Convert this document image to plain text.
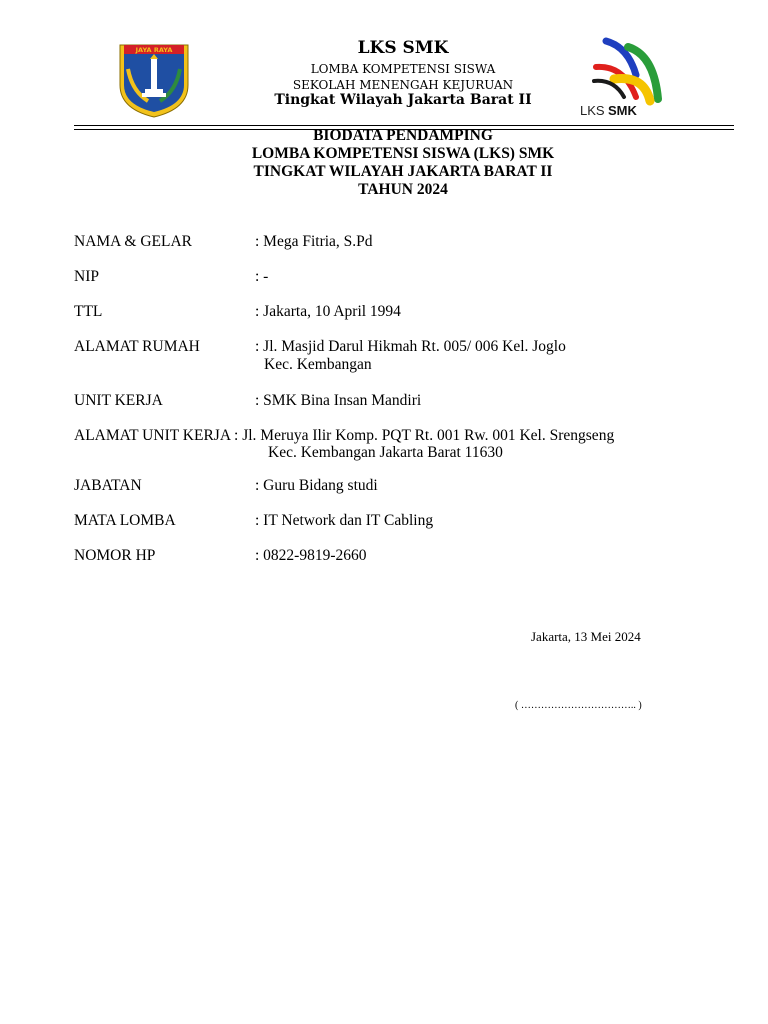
JAYA RAYA	LKS SMK
LOMBA KOMPETENSI SISWA
SEKOLAH MENENGAH KEJURUAN
Tingkat Wilayah Jakarta Barat II
LKS SMK
BIODATA PENDAMPING
LOMBA KOMPETENSI SISWA (LKS) SMK
TINGKAT WILAYAH JAKARTA BARAT II
TAHUN 2024
NAMA & GELAR	: Mega Fitria, S.Pd
NIP	: -
TTL	: Jakarta, 10 April 1994
ALAMAT RUMAH	: Jl. Masjid Darul Hikmah Rt. 005/ 006 Kel. Joglo
Kec. Kembangan
UNIT KERJA	: SMK Bina Insan Mandiri
ALAMAT UNIT KERJA : Jl. Meruya Ilir Komp. PQT Rt. 001 Rw. 001 Kel. Srengseng
Kec. Kembangan Jakarta Barat 11630
JABATAN	: Guru Bidang studi
MATA LOMBA	: IT Network dan IT Cabling
NOMOR HP	: 0822-9819-2660
Jakarta, 13 Mei 2024
( …………………………….. )
